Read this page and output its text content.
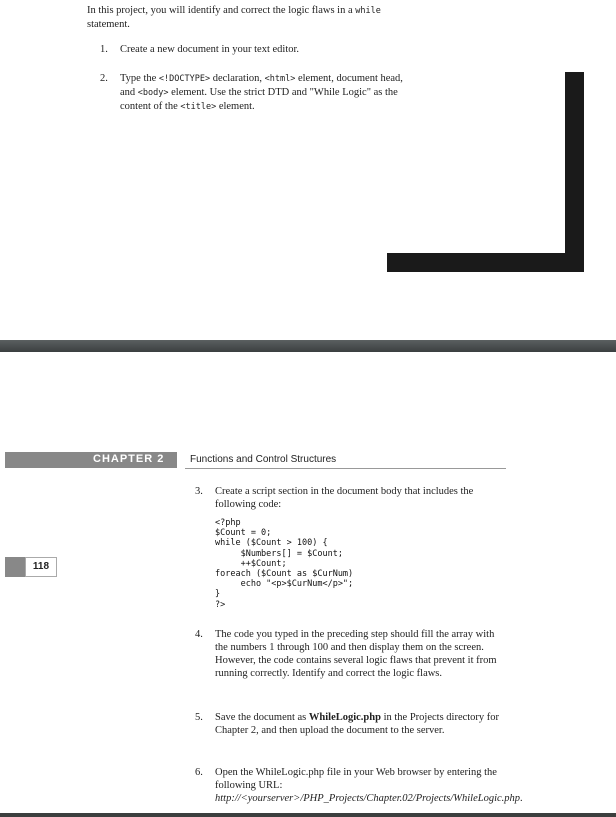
In this project, you will identify and correct the logic flaws in a while statement.
1. Create a new document in your text editor.
2. Type the <!DOCTYPE> declaration, <html> element, document head, and <body> element. Use the strict DTD and "While Logic" as the content of the <title> element.
CHAPTER 2	Functions and Control Structures
118
3. Create a script section in the document body that includes the following code:
<?php
$Count = 0;
while ($Count > 100) {
$Numbers[] = $Count;
++$Count;
foreach ($Count as $CurNum)
echo "<p>$CurNum</p>";
}
?>
4. The code you typed in the preceding step should fill the array with the numbers 1 through 100 and then display them on the screen. However, the code contains several logic flaws that prevent it from running correctly. Identify and correct the logic flaws.
5. Save the document as WhileLogic.php in the Projects directory for Chapter 2, and then upload the document to the server.
6. Open the WhileLogic.php file in your Web browser by entering the following URL: http://<yourserver>/PHP_Projects/Chapter.02/Projects/WhileLogic.php.
